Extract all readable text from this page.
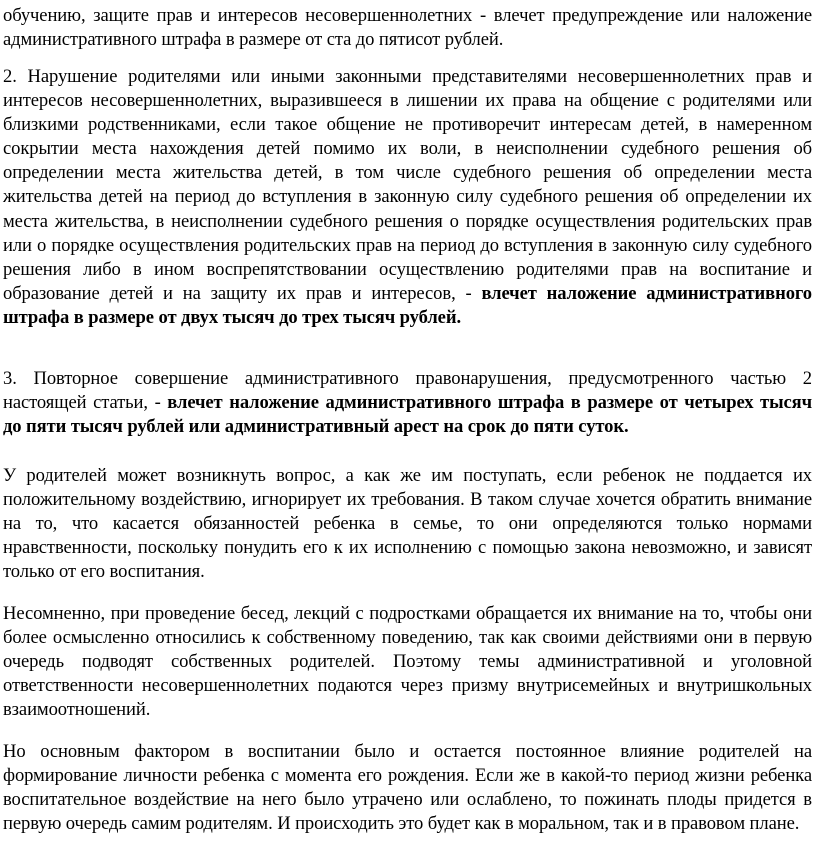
обучению, защите прав и интересов несовершеннолетних - влечет предупреждение или наложение административного штрафа в размере от ста до пятисот рублей.

2. Нарушение родителями или иными законными представителями несовершеннолетних прав и интересов несовершеннолетних, выразившееся в лишении их права на общение с родителями или близкими родственниками, если такое общение не противоречит интересам детей, в намеренном сокрытии места нахождения детей помимо их воли, в неисполнении судебного решения об определении места жительства детей, в том числе судебного решения об определении места жительства детей на период до вступления в законную силу судебного решения об определении их места жительства, в неисполнении судебного решения о порядке осуществления родительских прав или о порядке осуществления родительских прав на период до вступления в законную силу судебного решения либо в ином воспрепятствовании осуществлению родителями прав на воспитание и образование детей и на защиту их прав и интересов, - влечет наложение административного штрафа в размере от двух тысяч до трех тысяч рублей.

3. Повторное совершение административного правонарушения, предусмотренного частью 2 настоящей статьи, - влечет наложение административного штрафа в размере от четырех тысяч до пяти тысяч рублей или административный арест на срок до пяти суток.

У родителей может возникнуть вопрос, а как же им поступать, если ребенок не поддается их положительному воздействию, игнорирует их требования. В таком случае хочется обратить внимание на то, что касается обязанностей ребенка в семье, то они определяются только нормами нравственности, поскольку понудить его к их исполнению с помощью закона невозможно, и зависят только от его воспитания.

Несомненно, при проведение бесед, лекций с подростками обращается их внимание на то, чтобы они более осмысленно относились к собственному поведению, так как своими действиями они в первую очередь подводят собственных родителей. Поэтому темы административной и уголовной ответственности несовершеннолетних подаются через призму внутрисемейных и внутришкольных взаимоотношений.

Но основным фактором в воспитании было и остается постоянное влияние родителей на формирование личности ребенка с момента его рождения. Если же в какой-то период жизни ребенка воспитательное воздействие на него было утрачено или ослаблено, то пожинать плоды придется в первую очередь самим родителям. И происходить это будет как в моральном, так и в правовом плане.
